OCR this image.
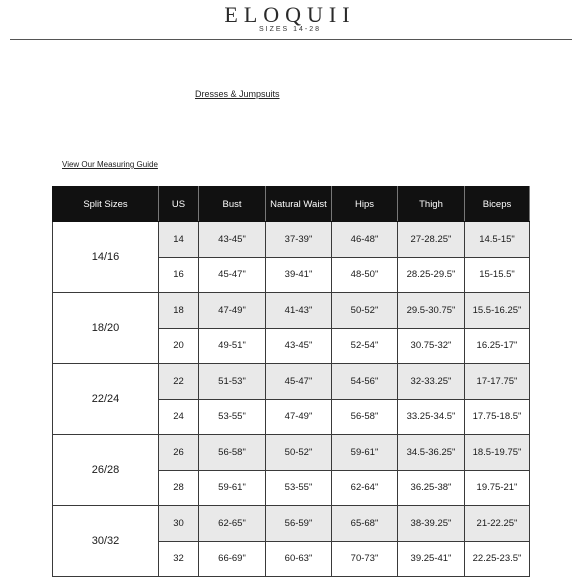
ELOQUII
SIZES 14-28
Dresses & Jumpsuits
View Our Measuring Guide
Split Sizes	US	Bust	Natural Waist	Hips	Thigh	Biceps
14/16	14	43-45"	37-39"	46-48"	27-28.25"	14.5-15"
	16	45-47"	39-41"	48-50"	28.25-29.5"	15-15.5"
18/20	18	47-49"	41-43"	50-52"	29.5-30.75"	15.5-16.25"
	20	49-51"	43-45"	52-54"	30.75-32"	16.25-17"
22/24	22	51-53"	45-47"	54-56"	32-33.25"	17-17.75"
	24	53-55"	47-49"	56-58"	33.25-34.5"	17.75-18.5"
26/28	26	56-58"	50-52"	59-61"	34.5-36.25"	18.5-19.75"
	28	59-61"	53-55"	62-64"	36.25-38"	19.75-21"
30/32	30	62-65"	56-59"	65-68"	38-39.25"	21-22.25"
	32	66-69"	60-63"	70-73"	39.25-41"	22.25-23.5"
